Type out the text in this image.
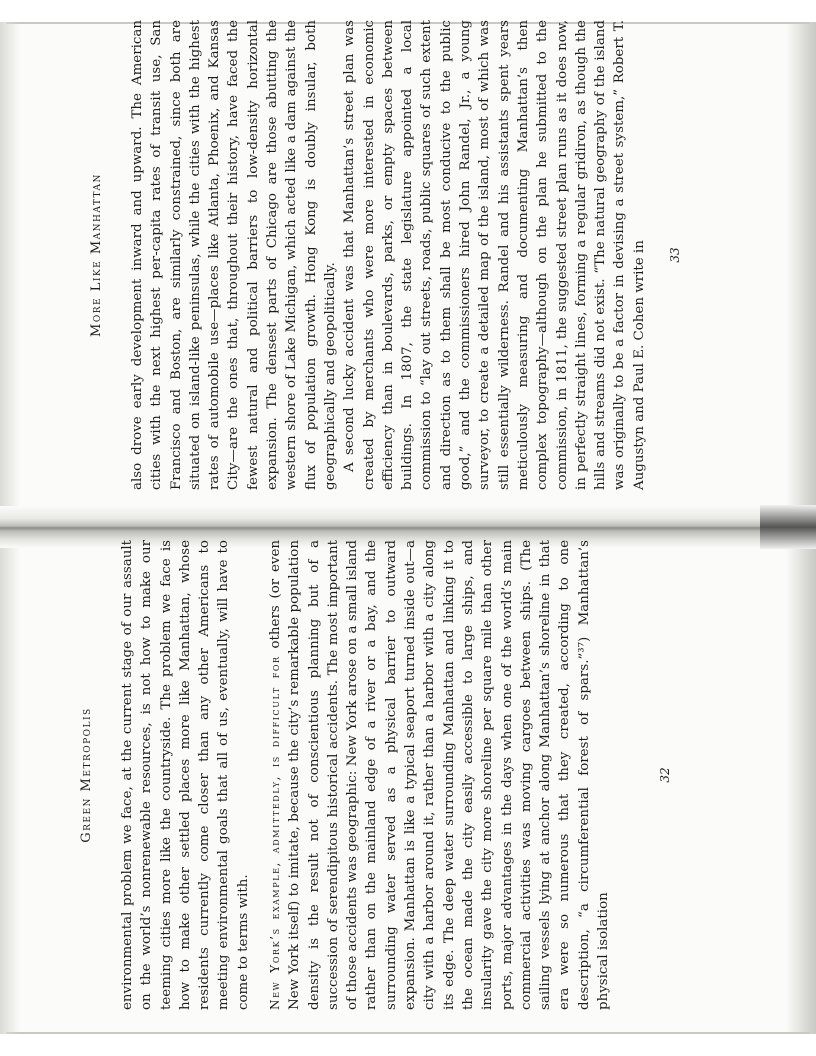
Green Metropolis environmental problem we face, at the current stage of our assault on the world’s nonrenewable resources, is not how to make our teeming cities more like the countryside. The problem we face is how to make other settled places more like Manhattan, whose residents currently come closer than any other Americans to meeting environmental goals that all of us, eventually, will have to come to terms with. New York’s example, admittedly, is difficult for others (or even New York itself) to imitate, because the city’s remarkable population density is the result not of conscientious planning but of a succession of serendipitous historical accidents. The most important of those accidents was geographic: New York arose on a small island rather than on the mainland edge of a river or a bay, and the surrounding water served as a physical barrier to outward expansion. Manhattan is like a typical seaport turned inside out—a city with a harbor around it, rather than a harbor with a city along its edge. The deep water surrounding Manhattan and linking it to the ocean made the city easily accessible to large ships, and insularity gave the city more shoreline per square mile than other ports, major advantages in the days when one of the world’s main commercial activities was moving cargoes between ships. (The sailing vessels lying at anchor along Manhattan’s shoreline in that era were so numerous that they created, according to one description, “a circumferential forest of spars.”³⁷) Manhattan’s physical isolation

32
More Like Manhattan also drove early development inward and upward. The American cities with the next highest per-capita rates of transit use, San Francisco and Boston, are similarly constrained, since both are situated on island-like peninsulas, while the cities with the highest rates of automobile use—places like Atlanta, Phoenix, and Kansas City—are the ones that, throughout their history, have faced the fewest natural and political barriers to low-density horizontal expansion. The densest parts of Chicago are those abutting the western shore of Lake Michigan, which acted like a dam against the flux of population growth. Hong Kong is doubly insular, both geographically and geopolitically. A second lucky accident was that Manhattan’s street plan was created by merchants who were more interested in economic efficiency than in boulevards, parks, or empty spaces between buildings. In 1807, the state legislature appointed a local commission to “lay out streets, roads, public squares of such extent and direction as to them shall be most conducive to the public good,” and the commissioners hired John Randel, Jr., a young surveyor, to create a detailed map of the island, most of which was still essentially wilderness. Randel and his assistants spent years meticulously measuring and documenting Manhattan’s then complex topography—although on the plan he submitted to the commission, in 1811, the suggested street plan runs as it does now, in perfectly straight lines, forming a regular gridiron, as though the hills and streams did not exist. “The natural geography of the island was originally to be a factor in devising a street system,” Robert T. Augustyn and Paul E. Cohen write in 33
